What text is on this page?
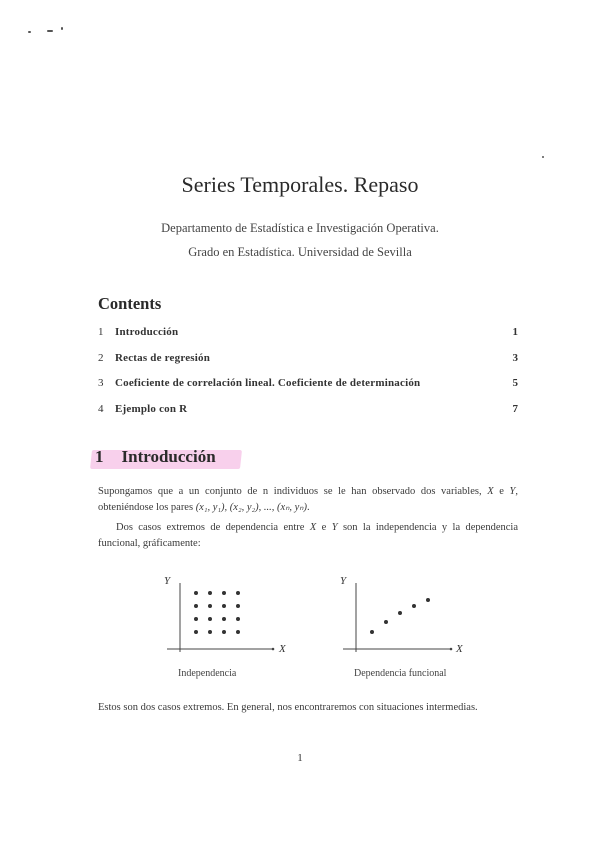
Series Temporales. Repaso
Departamento de Estadística e Investigación Operativa.
Grado en Estadística. Universidad de Sevilla
Contents
1	Introducción	1
2	Rectas de regresión	3
3	Coeficiente de correlación lineal. Coeficiente de determinación	5
4	Ejemplo con R	7
1 Introducción
Supongamos que a un conjunto de n individuos se le han observado dos variables, X e Y, obteniéndose los pares (x₁, y₁), (x₂, y₂), ..., (xₙ, yₙ).
Dos casos extremos de dependencia entre X e Y son la independencia y la dependencia funcional, gráficamente:
Y
X
Independencia
Y
X
Dependencia funcional
Estos son dos casos extremos. En general, nos encontraremos con situaciones intermedias.
1
